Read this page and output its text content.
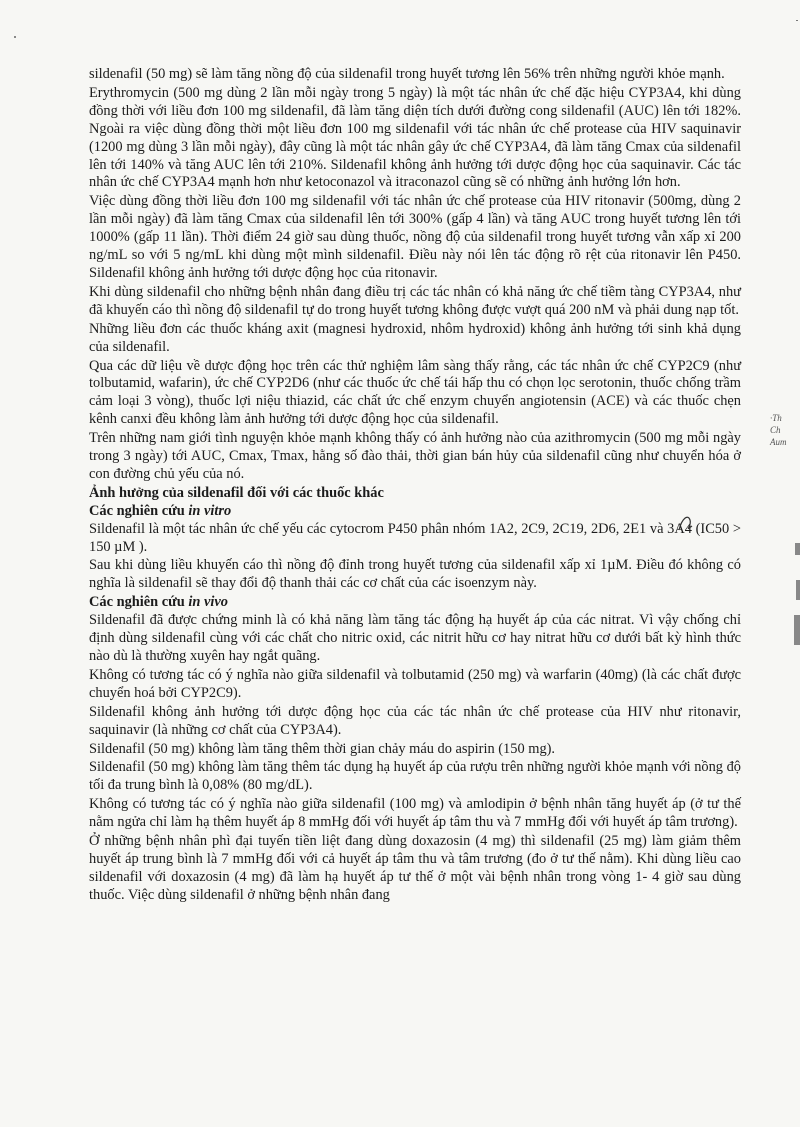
sildenafil (50 mg) sẽ làm tăng nồng độ của sildenafil trong huyết tương lên 56% trên những người khỏe mạnh.

Erythromycin (500 mg dùng 2 lần mỗi ngày trong 5 ngày) là một tác nhân ức chế đặc hiệu CYP3A4, khi dùng đồng thời với liều đơn 100 mg sildenafil, đã làm tăng diện tích dưới đường cong sildenafil (AUC) lên tới 182%. Ngoài ra việc dùng đồng thời một liều đơn 100 mg sildenafil với tác nhân ức chế protease của HIV saquinavir (1200 mg dùng 3 lần mỗi ngày), đây cũng là một tác nhân gây ức chế CYP3A4, đã làm tăng Cmax của sildenafil lên tới 140% và tăng AUC lên tới 210%. Sildenafil không ảnh hưởng tới dược động học của saquinavir. Các tác nhân ức chế CYP3A4 mạnh hơn như ketoconazol và itraconazol cũng sẽ có những ảnh hưởng lớn hơn.

Việc dùng đồng thời liều đơn 100 mg sildenafil với tác nhân ức chế protease của HIV ritonavir (500mg, dùng 2 lần mỗi ngày) đã làm tăng Cmax của sildenafil lên tới 300% (gấp 4 lần) và tăng AUC trong huyết tương lên tới 1000% (gấp 11 lần). Thời điểm 24 giờ sau dùng thuốc, nồng độ của sildenafil trong huyết tương vẫn xấp xỉ 200 ng/mL so với 5 ng/mL khi dùng một mình sildenafil. Điều này nói lên tác động rõ rệt của ritonavir lên P450. Sildenafil không ảnh hưởng tới dược động học của ritonavir.

Khi dùng sildenafil cho những bệnh nhân đang điều trị các tác nhân có khả năng ức chế tiềm tàng CYP3A4, như đã khuyến cáo thì nồng độ sildenafil tự do trong huyết tương không được vượt quá 200 nM và phải dung nạp tốt.

Những liều đơn các thuốc kháng axit (magnesi hydroxid, nhôm hydroxid) không ảnh hưởng tới sinh khả dụng của sildenafil.

Qua các dữ liệu về dược động học trên các thử nghiệm lâm sàng thấy rằng, các tác nhân ức chế CYP2C9 (như tolbutamid, wafarin), ức chế CYP2D6 (như các thuốc ức chế tái hấp thu có chọn lọc serotonin, thuốc chống trầm cảm loại 3 vòng), thuốc lợi niệu thiazid, các chất ức chế enzym chuyển angiotensin (ACE) và các thuốc chẹn kênh canxi đều không làm ảnh hưởng tới dược động học của sildenafil.

Trên những nam giới tình nguyện khỏe mạnh không thấy có ảnh hưởng nào của azithromycin (500 mg mỗi ngày trong 3 ngày) tới AUC, Cmax, Tmax, hằng số đào thải, thời gian bán hủy của sildenafil cũng như chuyển hóa ở con đường chủ yếu của nó.

Ảnh hưởng của sildenafil đối với các thuốc khác
Các nghiên cứu in vitro

Sildenafil là một tác nhân ức chế yếu các cytocrom P450 phân nhóm 1A2, 2C9, 2C19, 2D6, 2E1 và 3A4 (IC50 > 150 µM ).

Sau khi dùng liều khuyến cáo thì nồng độ đỉnh trong huyết tương của sildenafil xấp xỉ 1µM. Điều đó không có nghĩa là sildenafil sẽ thay đổi độ thanh thải các cơ chất của các isoenzym này.

Các nghiên cứu in vivo

Sildenafil đã được chứng minh là có khả năng làm tăng tác động hạ huyết áp của các nitrat. Vì vậy chống chỉ định dùng sildenafil cùng với các chất cho nitric oxid, các nitrit hữu cơ hay nitrat hữu cơ dưới bất kỳ hình thức nào dù là thường xuyên hay ngắt quãng.

Không có tương tác có ý nghĩa nào giữa sildenafil và tolbutamid (250 mg) và warfarin (40mg) (là các chất được chuyển hoá bởi CYP2C9).

Sildenafil không ảnh hưởng tới dược động học của các tác nhân ức chế protease của HIV như ritonavir, saquinavir (là những cơ chất của CYP3A4).

Sildenafil (50 mg) không làm tăng thêm thời gian chảy máu do aspirin (150 mg).

Sildenafil (50 mg) không làm tăng thêm tác dụng hạ huyết áp của rượu trên những người khỏe mạnh với nồng độ tối đa trung bình là 0,08% (80 mg/dL).

Không có tương tác có ý nghĩa nào giữa sildenafil (100 mg) và amlodipin ở bệnh nhân tăng huyết áp (ở tư thế nằm ngửa chỉ làm hạ thêm huyết áp 8 mmHg đối với huyết áp tâm thu và 7 mmHg đối với huyết áp tâm trương).

Ở những bệnh nhân phì đại tuyến tiền liệt đang dùng doxazosin (4 mg) thì sildenafil (25 mg) làm giảm thêm huyết áp trung bình là 7 mmHg đối với cả huyết áp tâm thu và tâm trương (đo ở tư thế nằm). Khi dùng liều cao sildenafil với doxazosin (4 mg) đã làm hạ huyết áp tư thế ở một vài bệnh nhân trong vòng 1- 4 giờ sau dùng thuốc. Việc dùng sildenafil ở những bệnh nhân đang

·Th
Ch
Aum
